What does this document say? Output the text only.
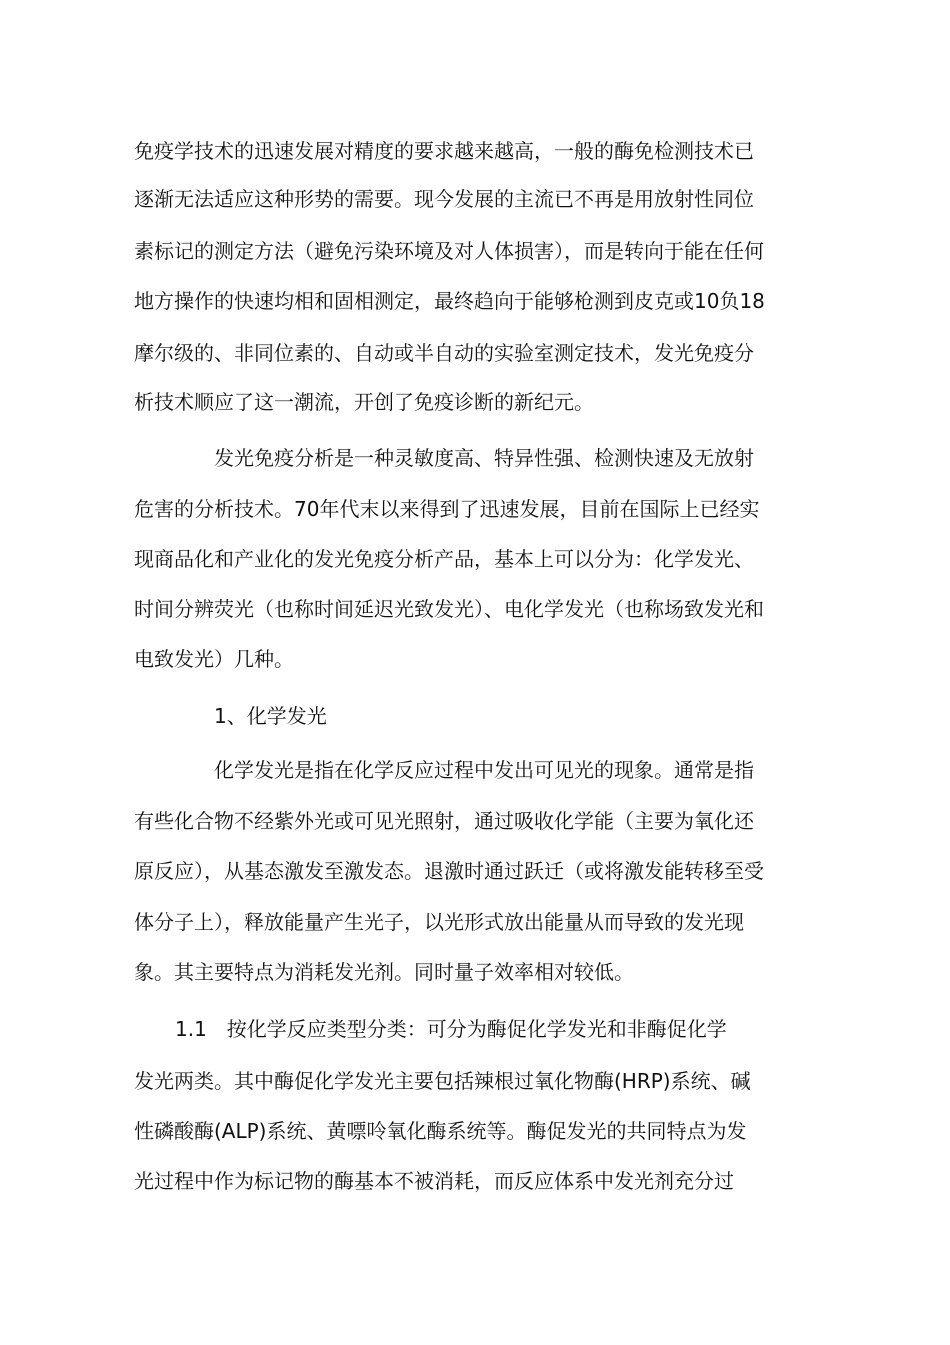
免疫学技术的迅速发展对精度的要求越来越高，一般的酶免检测技术已
逐渐无法适应这种形势的需要。现今发展的主流已不再是用放射性同位
素标记的测定方法（避免污染环境及对人体损害），而是转向于能在任何
地方操作的快速均相和固相测定，最终趋向于能够枪测到皮克或10负18
摩尔级的、非同位素的、自动或半自动的实验室测定技术，发光免疫分
析技术顺应了这一潮流，开创了免疫诊断的新纪元。
发光免疫分析是一种灵敏度高、特异性强、检测快速及无放射
危害的分析技术。70年代末以来得到了迅速发展，目前在国际上已经实
现商品化和产业化的发光免疫分析产品，基本上可以分为：化学发光、
时间分辨荧光（也称时间延迟光致发光）、电化学发光（也称场致发光和
电致发光）几种。
1、化学发光
化学发光是指在化学反应过程中发出可见光的现象。通常是指
有些化合物不经紫外光或可见光照射，通过吸收化学能（主要为氧化还
原反应），从基态激发至激发态。退激时通过跃迁（或将激发能转移至受
体分子上），释放能量产生光子，以光形式放出能量从而导致的发光现
象。其主要特点为消耗发光剂。同时量子效率相对较低。
1.1　按化学反应类型分类：可分为酶促化学发光和非酶促化学
发光两类。其中酶促化学发光主要包括辣根过氧化物酶(HRP)系统、碱
性磷酸酶(ALP)系统、黄嘌呤氧化酶系统等。酶促发光的共同特点为发
光过程中作为标记物的酶基本不被消耗，而反应体系中发光剂充分过
